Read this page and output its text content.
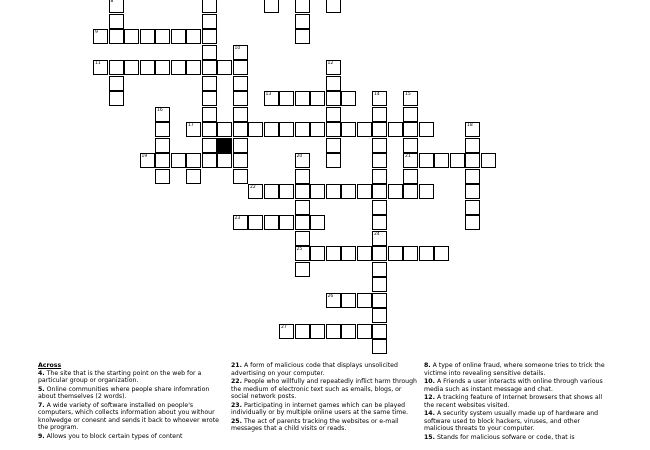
8
9
10
11	12
13	14	15
16
17	18
19	20	21
22
23
24
25
26
27
Across
4. The site that is the starting point on the web for a particular group or organization.
5. Online communities where people share infomration about themselves (2 words).
7. A wide variety of software installed on people's computers, which collects information about you withour knolwedge or conesnt and sends it back to whoever wrote the program.
9. Allows you to block certain types of content
21. A form of malicious code that displays unsolicited advertising on your computer.
22. People who willfully and repeatedly inflict harm through the medium of electronic text such as emails, blogs, or social network posts.
23. Participating in internet games which can be played individually or by multiple online users at the same time.
25. The act of parents tracking the websites or e-mail messages that a child visits or reads.
8. A type of online fraud, where someone tries to trick the victime into revealing sensitive details.
10. A Friends a user interacts with online through various media such as instant message and chat.
12. A tracking feature of Internet browsers that shows all the recent websites visited.
14. A security system usually made up of hardware and software used to block hackers, viruses, and other malicious threats to your computer.
15. Stands for malicious sofware or code, that is
